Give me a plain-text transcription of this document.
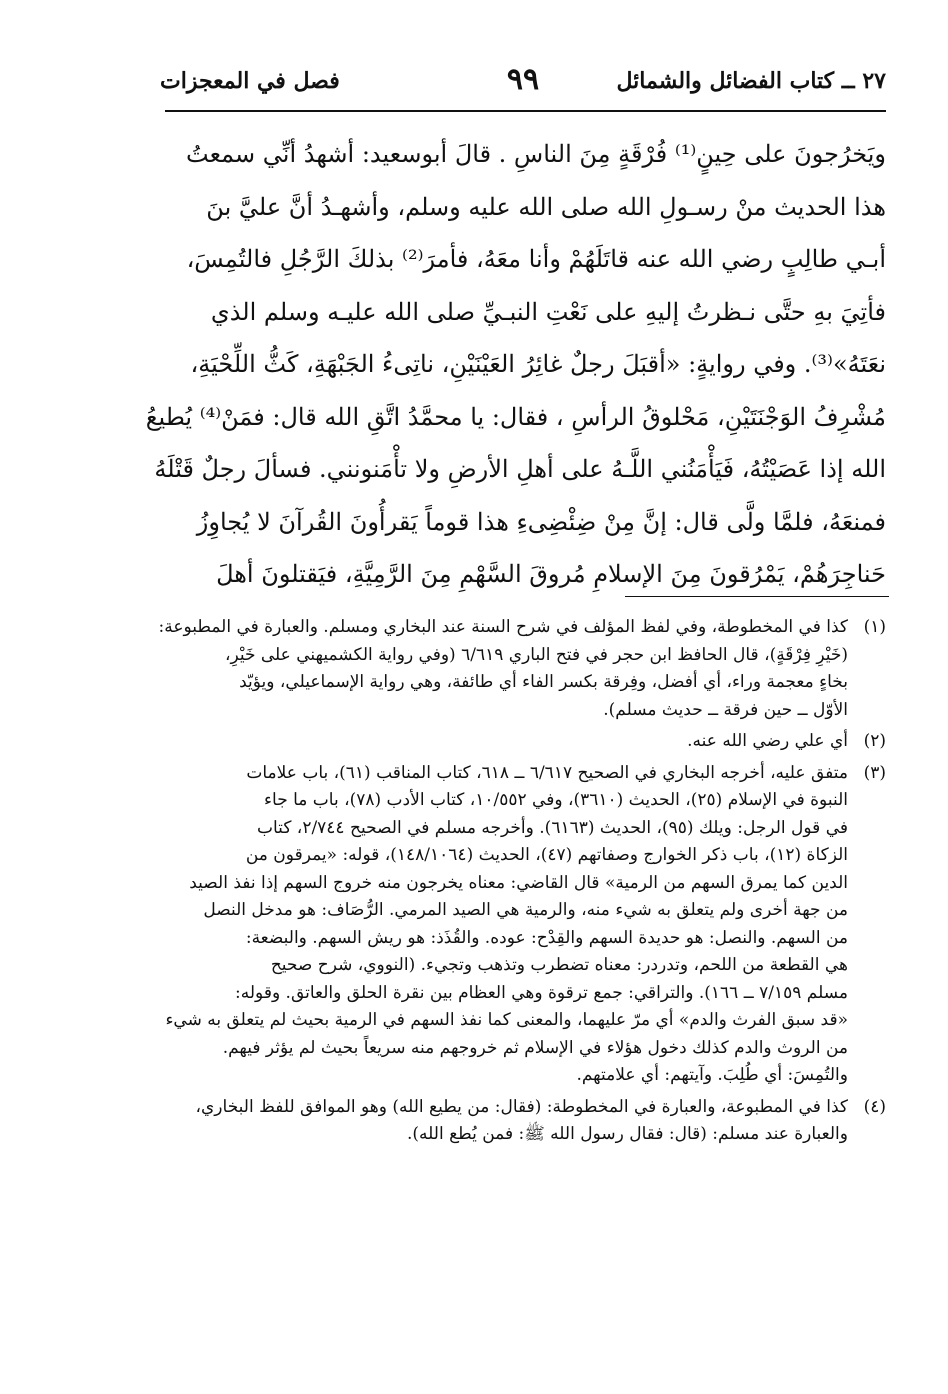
٢٧ ــ كتاب الفضائل والشمائل
٩٩
فصل في المعجزات
ويَخرُجونَ على حِينٍ⁽¹⁾ فُرْقَةٍ مِنَ الناسِ . قالَ أبوسعيد: أشهدُ أنِّي سمعتُ
هذا الحديث منْ رسـولِ الله صلى الله عليه وسلم، وأشهـدُ أنَّ عليَّ بنَ
أبـي طالِبٍ رضي الله عنه قاتَلَهُمْ وأنا معَهُ، فأمرَ⁽²⁾ بذلكَ الرَّجُلِ فالتُمِسَ،
فأتِيَ بهِ حتَّى نـظرتُ إليهِ على نَعْتِ النبـيِّ صلى الله عليـه وسلم الذي
نعَتَهُ»⁽³⁾. وفي روايةٍ: «أقبَلَ رجلٌ غائِرُ العَيْنَيْنِ، ناتِىءُ الجَبْهَةِ، كَثُّ اللِّحْيَةِ،
مُشْرِفُ الوَجْنَتَيْنِ، مَحْلوقُ الرأسِ ، فقال: يا محمَّدُ اتَّقِ الله قال: فمَنْ⁽⁴⁾ يُطيعُ
الله إذا عَصَيْتُهُ، فَيَأْمَنُني اللَّـهُ على أهلِ الأرضِ ولا تأْمَنونني. فسألَ رجلٌ قَتْلَهُ
فمنعَهُ، فلمَّا ولَّى قال: إنَّ مِنْ ضِئْضِىءِ هذا قوماً يَقرأُونَ القُرآنَ لا يُجاوِزُ
حَناجِرَهُمْ، يَمْرُقونَ مِنَ الإسلامِ مُروقَ السَّهْمِ مِنَ الرَّمِيَّةِ، فيَقتلونَ أهلَ
(١)
كذا في المخطوطة، وفي لفظ المؤلف في شرح السنة عند البخاري ومسلم. والعبارة في المطبوعة:
(خَيْرِ فِرْقَةٍ)، قال الحافظ ابن حجر في فتح الباري ٦/٦١٩ (وفي رواية الكشميهني على خَيْرِ،
بخاءٍ معجمة وراء، أي أفضل، وفِرقة بكسر الفاء أي طائفة، وهي رواية الإسماعيلي، ويؤيّد
الأوّل ــ حين فرقة ــ حديث مسلم).
(٢)
أي علي رضي الله عنه.
(٣)
متفق عليه، أخرجه البخاري في الصحيح ٦/٦١٧ ــ ٦١٨، كتاب المناقب (٦١)، باب علامات
النبوة في الإسلام (٢٥)، الحديث (٣٦١٠)، وفي ١٠/٥٥٢، كتاب الأدب (٧٨)، باب ما جاء
في قول الرجل: ويلك (٩٥)، الحديث (٦١٦٣). وأخرجه مسلم في الصحيح ٢/٧٤٤، كتاب
الزكاة (١٢)، باب ذكر الخوارج وصفاتهم (٤٧)، الحديث (١٤٨/١٠٦٤)، قوله: «يمرقون من
الدين كما يمرق السهم من الرمية» قال القاضي: معناه يخرجون منه خروج السهم إذا نفذ الصيد
من جهة أخرى ولم يتعلق به شيء منه، والرمية هي الصيد المرمي. الرُّصَاف: هو مدخل النصل
من السهم. والنصل: هو حديدة السهم والقِدْح: عوده. والقُذَذ: هو ريش السهم. والبضعة:
هي القطعة من اللحم، وتدردر: معناه تضطرب وتذهب وتجيء. (النووي، شرح صحيح
مسلم ٧/١٥٩ ــ ١٦٦). والتراقي: جمع ترقوة وهي العظام بين نقرة الحلق والعاتق. وقوله:
«قد سبق الفرث والدم» أي مرّ عليهما، والمعنى كما نفذ السهم في الرمية بحيث لم يتعلق به شيء
من الروث والدم كذلك دخول هؤلاء في الإسلام ثم خروجهم منه سريعاً بحيث لم يؤثر فيهم.
والتُمِسَ: أي طُلِبَ. وآيتهم: أي علامتهم.
(٤)
كذا في المطبوعة، والعبارة في المخطوطة: (فقال: من يطيع الله) وهو الموافق للفظ البخاري،
والعبارة عند مسلم: (قال: فقال رسول الله ﷺ: فمن يُطع الله).
